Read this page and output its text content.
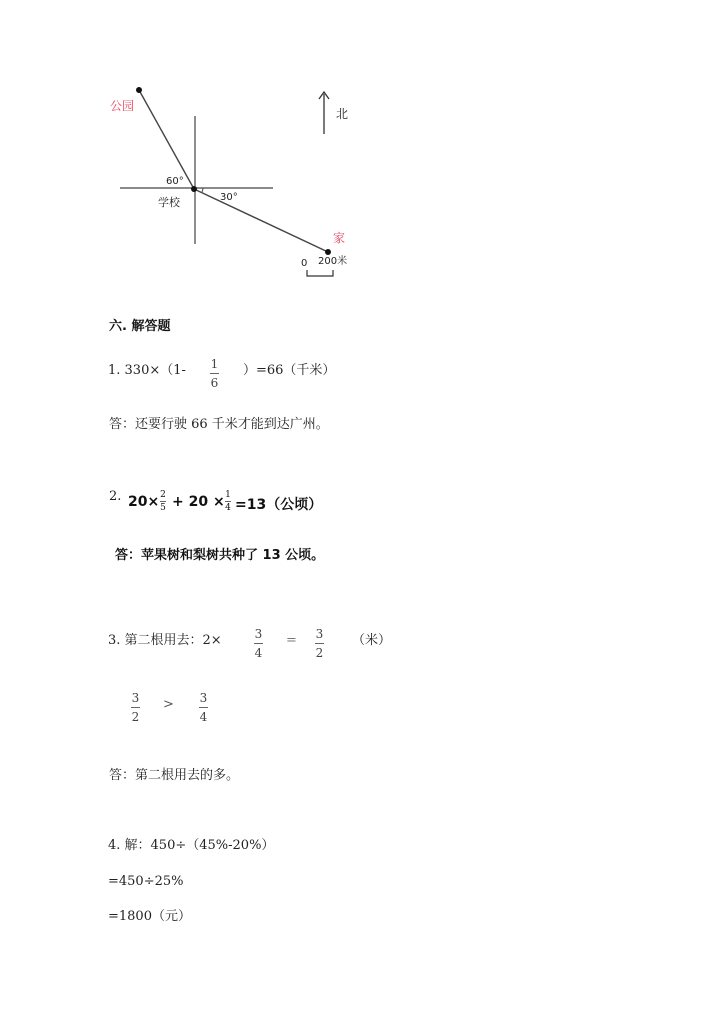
公园
学校
家
北
60°
30°
0 200米
六. 解答题
1. 330×（1- 1
6
）=66（千米）
答：还要行驶 66 千米才能到达广州。
2. 20× 2
5 + 20 × 1
4 =13（公顷）
答：苹果树和梨树共种了 13 公顷。
3. 第二根用去：2×	3
4
= 3
2
（米）
3
2
> 3
4
答：第二根用去的多。
4. 解：450÷（45%-20%）
=450÷25%
=1800（元）
